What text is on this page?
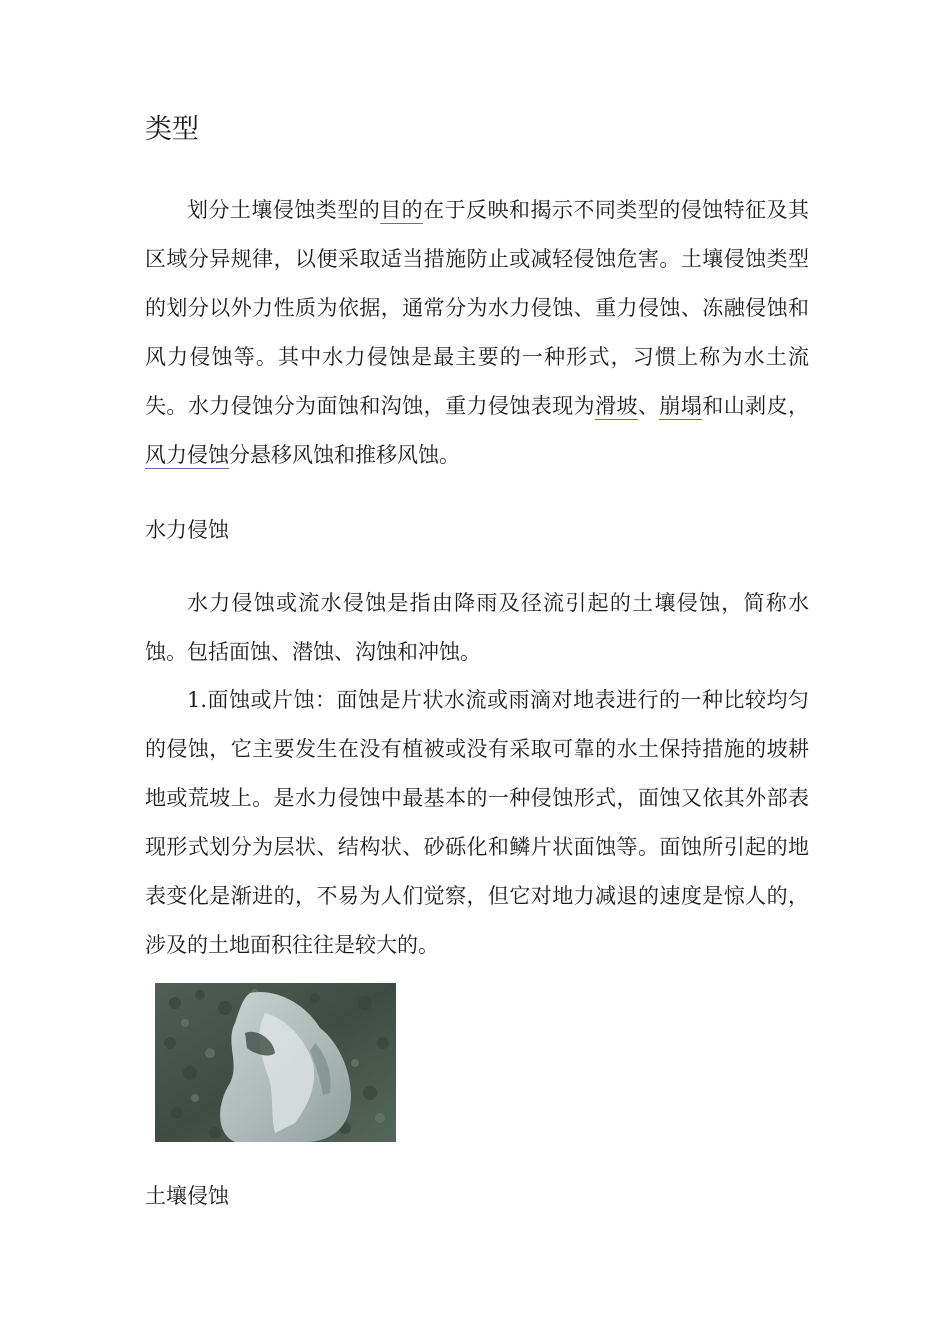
类型

划分土壤侵蚀类型的目的在于反映和揭示不同类型的侵蚀特征及其区域分异规律，以便采取适当措施防止或减轻侵蚀危害。土壤侵蚀类型的划分以外力性质为依据，通常分为水力侵蚀、重力侵蚀、冻融侵蚀和风力侵蚀等。其中水力侵蚀是最主要的一种形式，习惯上称为水土流失。水力侵蚀分为面蚀和沟蚀，重力侵蚀表现为滑坡、崩塌和山剥皮，风力侵蚀分悬移风蚀和推移风蚀。

水力侵蚀

水力侵蚀或流水侵蚀是指由降雨及径流引起的土壤侵蚀，简称水蚀。包括面蚀、潜蚀、沟蚀和冲蚀。

1.面蚀或片蚀：面蚀是片状水流或雨滴对地表进行的一种比较均匀的侵蚀，它主要发生在没有植被或没有采取可靠的水土保持措施的坡耕地或荒坡上。是水力侵蚀中最基本的一种侵蚀形式，面蚀又依其外部表现形式划分为层状、结构状、砂砾化和鳞片状面蚀等。面蚀所引起的地表变化是渐进的，不易为人们觉察，但它对地力减退的速度是惊人的，涉及的土地面积往往是较大的。

土壤侵蚀
